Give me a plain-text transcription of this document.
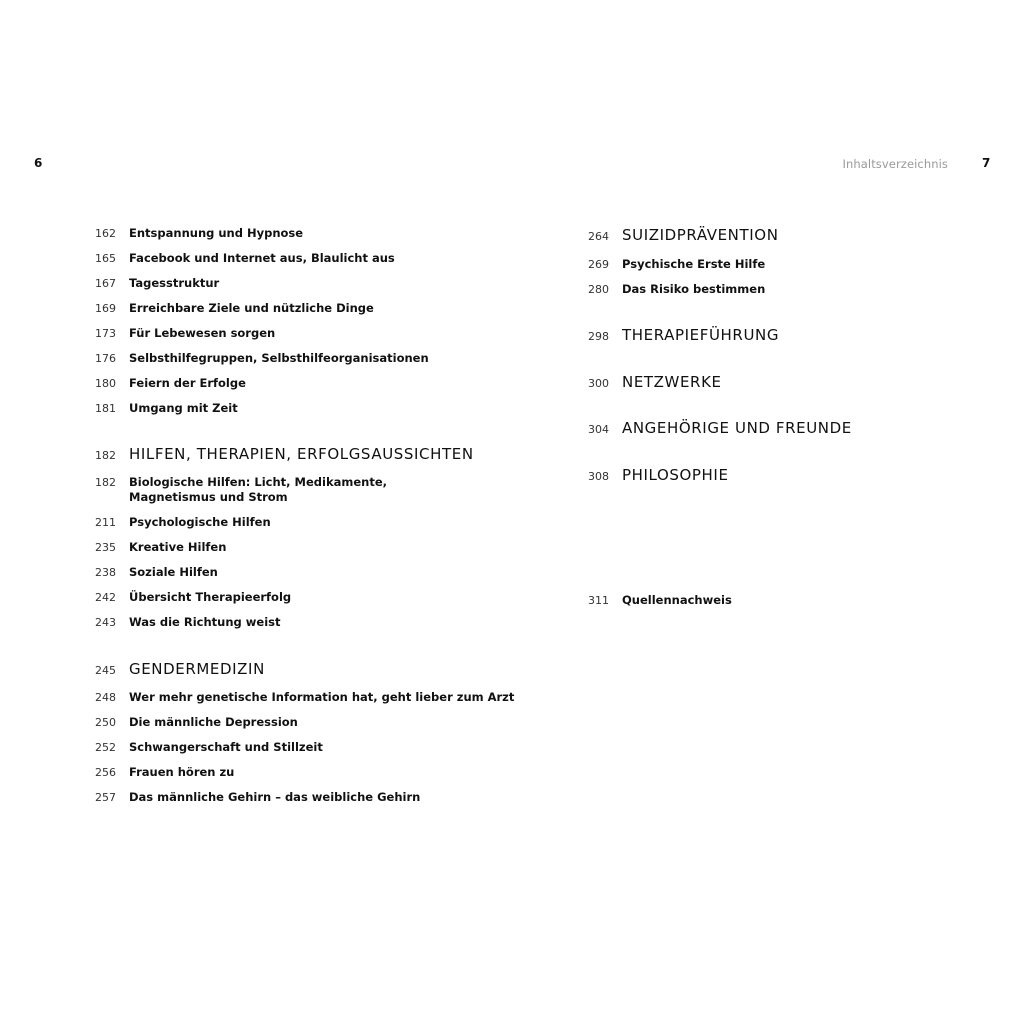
6	Inhaltsverzeichnis	7
162	Entspannung und Hypnose
165	Facebook und Internet aus, Blaulicht aus
167	Tagesstruktur
169	Erreichbare Ziele und nützliche Dinge
173	Für Lebewesen sorgen
176	Selbsthilfegruppen, Selbsthilfeorganisationen
180	Feiern der Erfolge
181	Umgang mit Zeit
182 HILFEN, THERAPIEN, ERFOLGSAUSSICHTEN
182	Biologische Hilfen: Licht, Medikamente, Magnetismus und Strom
211	Psychologische Hilfen
235	Kreative Hilfen
238	Soziale Hilfen
242	Übersicht Therapieerfolg
243	Was die Richtung weist
245 GENDERMEDIZIN
248	Wer mehr genetische Information hat, geht lieber zum Arzt
250	Die männliche Depression
252	Schwangerschaft und Stillzeit
256	Frauen hören zu
257	Das männliche Gehirn – das weibliche Gehirn
264 SUIZIDPRÄVENTION
269	Psychische Erste Hilfe
280	Das Risiko bestimmen
298 THERAPIEFÜHRUNG
300 NETZWERKE
304 ANGEHÖRIGE UND FREUNDE
308 PHILOSOPHIE
311	Quellennachweis
